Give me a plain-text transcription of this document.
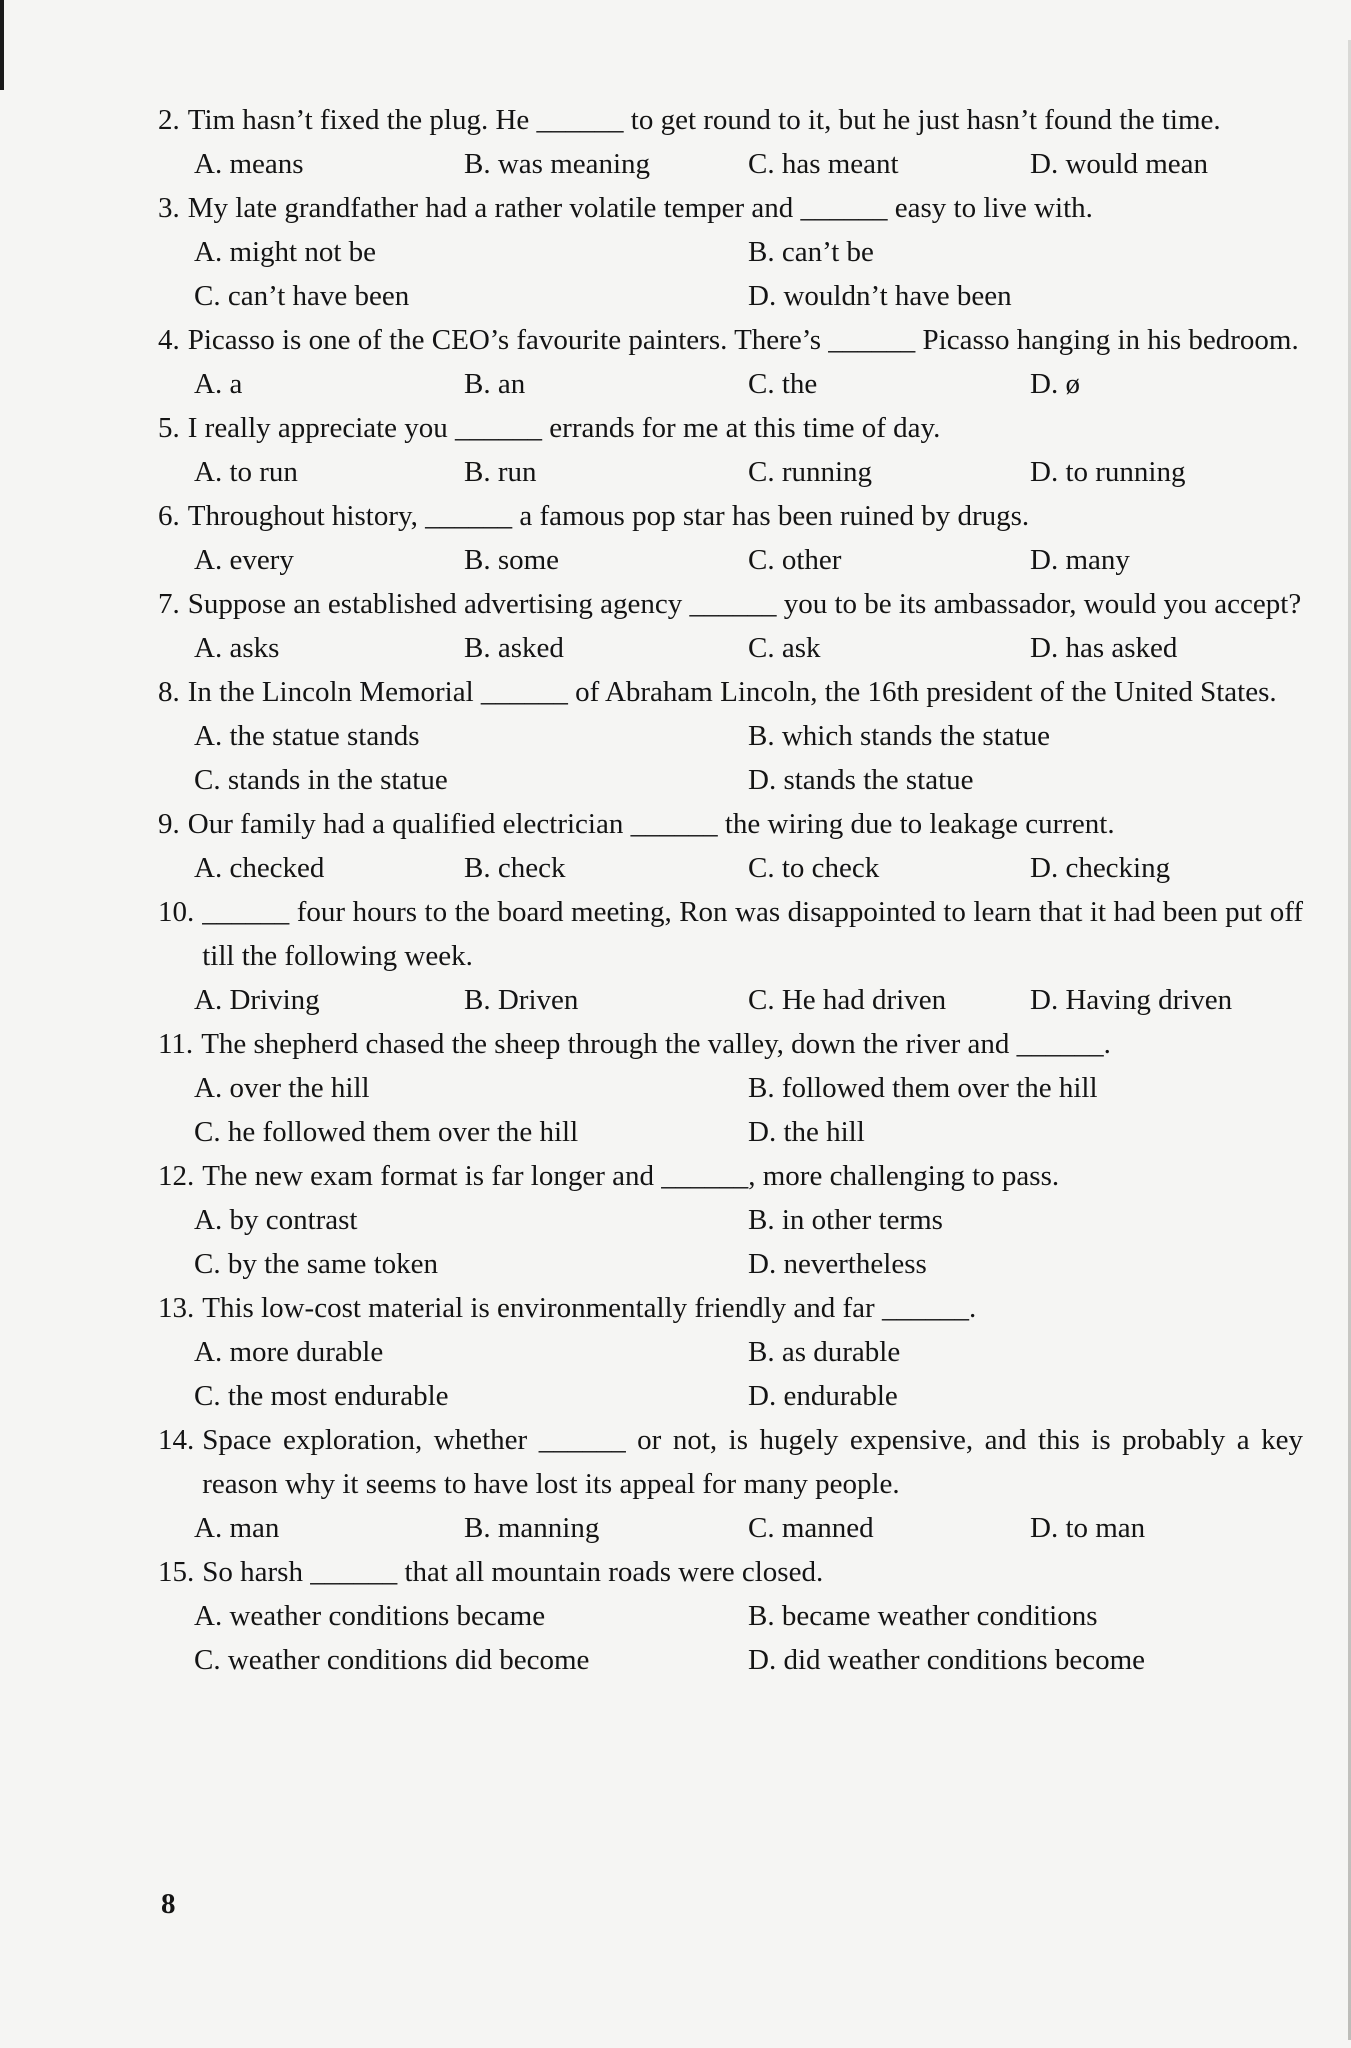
2. Tim hasn’t fixed the plug. He ______ to get round to it, but he just hasn’t found the time.
A. means	B. was meaning	C. has meant	D. would mean
3. My late grandfather had a rather volatile temper and ______ easy to live with.
A. might not be	B. can’t be
C. can’t have been	D. wouldn’t have been
4. Picasso is one of the CEO’s favourite painters. There’s ______ Picasso hanging in his bedroom.
A. a	B. an	C. the	D. ø
5. I really appreciate you ______ errands for me at this time of day.
A. to run	B. run	C. running	D. to running
6. Throughout history, ______ a famous pop star has been ruined by drugs.
A. every	B. some	C. other	D. many
7. Suppose an established advertising agency ______ you to be its ambassador, would you accept?
A. asks	B. asked	C. ask	D. has asked
8. In the Lincoln Memorial ______ of Abraham Lincoln, the 16th president of the United States.
A. the statue stands	B. which stands the statue
C. stands in the statue	D. stands the statue
9. Our family had a qualified electrician ______ the wiring due to leakage current.
A. checked	B. check	C. to check	D. checking
10. ______ four hours to the board meeting, Ron was disappointed to learn that it had been put off till the following week.
A. Driving	B. Driven	C. He had driven	D. Having driven
11. The shepherd chased the sheep through the valley, down the river and ______.
A. over the hill	B. followed them over the hill
C. he followed them over the hill	D. the hill
12. The new exam format is far longer and ______, more challenging to pass.
A. by contrast	B. in other terms
C. by the same token	D. nevertheless
13. This low-cost material is environmentally friendly and far ______.
A. more durable	B. as durable
C. the most endurable	D. endurable
14. Space exploration, whether ______ or not, is hugely expensive, and this is probably a key reason why it seems to have lost its appeal for many people.
A. man	B. manning	C. manned	D. to man
15. So harsh ______ that all mountain roads were closed.
A. weather conditions became	B. became weather conditions
C. weather conditions did become	D. did weather conditions become
8
